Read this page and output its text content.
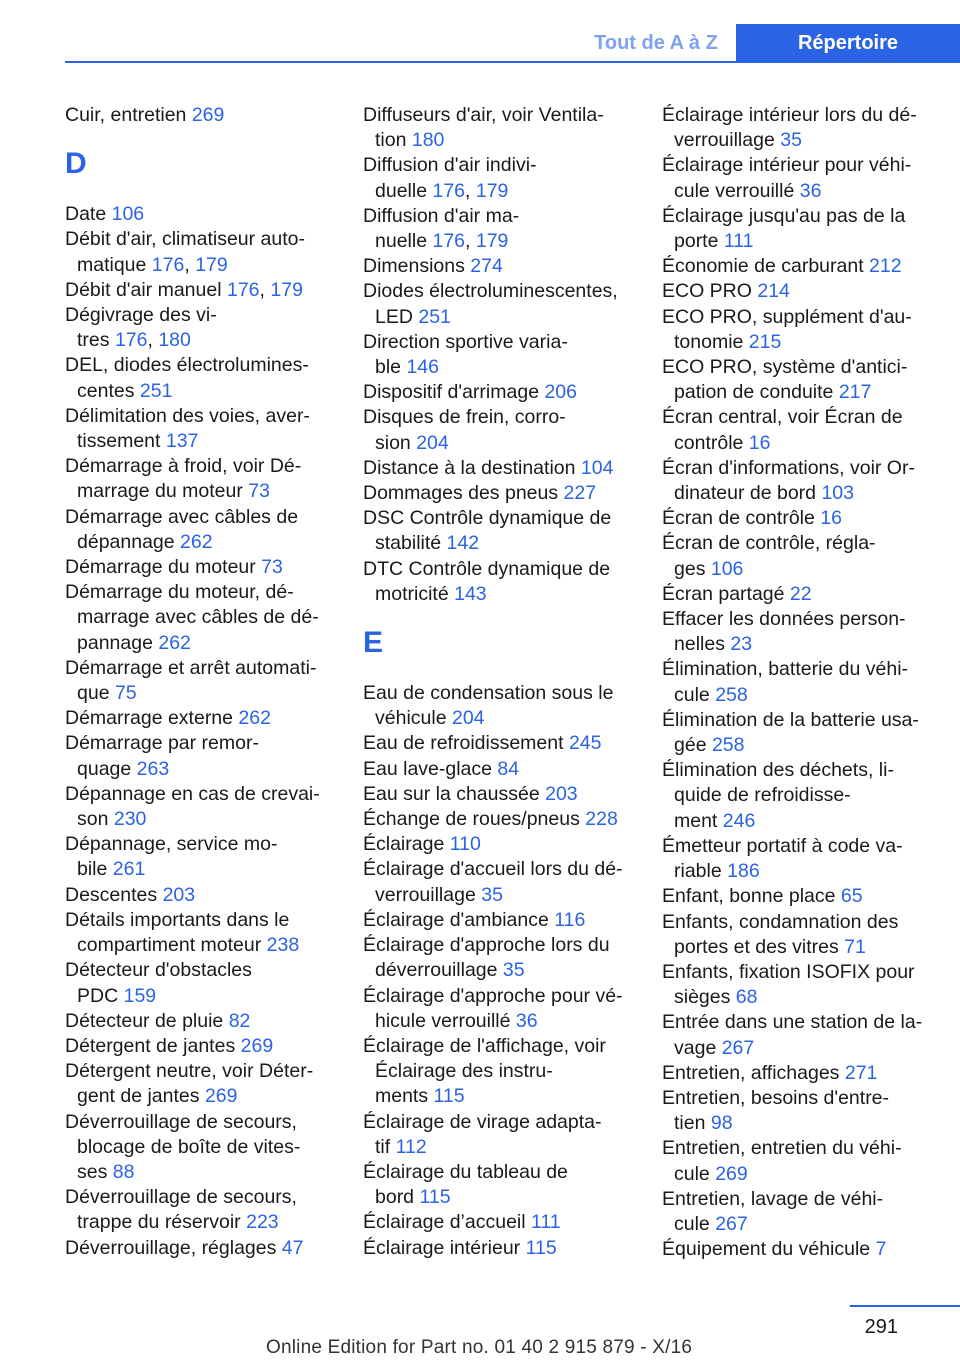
Tout de A à Z	Répertoire
Cuir, entretien 269
D
Date 106
Débit d'air, climatiseur auto-
matique 176, 179
Débit d'air manuel 176, 179
Dégivrage des vi-
tres 176, 180
DEL, diodes électrolumines-
centes 251
Délimitation des voies, aver-
tissement 137
Démarrage à froid, voir Dé-
marrage du moteur 73
Démarrage avec câbles de
dépannage 262
Démarrage du moteur 73
Démarrage du moteur, dé-
marrage avec câbles de dé-
pannage 262
Démarrage et arrêt automati-
que 75
Démarrage externe 262
Démarrage par remor-
quage 263
Dépannage en cas de crevai-
son 230
Dépannage, service mo-
bile 261
Descentes 203
Détails importants dans le
compartiment moteur 238
Détecteur d'obstacles
PDC 159
Détecteur de pluie 82
Détergent de jantes 269
Détergent neutre, voir Déter-
gent de jantes 269
Déverrouillage de secours,
blocage de boîte de vites-
ses 88
Déverrouillage de secours,
trappe du réservoir 223
Déverrouillage, réglages 47
Diffuseurs d'air, voir Ventila-
tion 180
Diffusion d'air indivi-
duelle 176, 179
Diffusion d'air ma-
nuelle 176, 179
Dimensions 274
Diodes électroluminescentes,
LED 251
Direction sportive varia-
ble 146
Dispositif d'arrimage 206
Disques de frein, corro-
sion 204
Distance à la destination 104
Dommages des pneus 227
DSC Contrôle dynamique de
stabilité 142
DTC Contrôle dynamique de
motricité 143
E
Eau de condensation sous le
véhicule 204
Eau de refroidissement 245
Eau lave-glace 84
Eau sur la chaussée 203
Échange de roues/pneus 228
Éclairage 110
Éclairage d'accueil lors du dé-
verrouillage 35
Éclairage d'ambiance 116
Éclairage d'approche lors du
déverrouillage 35
Éclairage d'approche pour vé-
hicule verrouillé 36
Éclairage de l'affichage, voir
Éclairage des instru-
ments 115
Éclairage de virage adapta-
tif 112
Éclairage du tableau de
bord 115
Éclairage d’accueil 111
Éclairage intérieur 115
Éclairage intérieur lors du dé-
verrouillage 35
Éclairage intérieur pour véhi-
cule verrouillé 36
Éclairage jusqu'au pas de la
porte 111
Économie de carburant 212
ECO PRO 214
ECO PRO, supplément d'au-
tonomie 215
ECO PRO, système d'antici-
pation de conduite 217
Écran central, voir Écran de
contrôle 16
Écran d'informations, voir Or-
dinateur de bord 103
Écran de contrôle 16
Écran de contrôle, régla-
ges 106
Écran partagé 22
Effacer les données person-
nelles 23
Élimination, batterie du véhi-
cule 258
Élimination de la batterie usa-
gée 258
Élimination des déchets, li-
quide de refroidisse-
ment 246
Émetteur portatif à code va-
riable 186
Enfant, bonne place 65
Enfants, condamnation des
portes et des vitres 71
Enfants, fixation ISOFIX pour
sièges 68
Entrée dans une station de la-
vage 267
Entretien, affichages 271
Entretien, besoins d'entre-
tien 98
Entretien, entretien du véhi-
cule 269
Entretien, lavage de véhi-
cule 267
Équipement du véhicule 7
291
Online Edition for Part no. 01 40 2 915 879 - X/16
